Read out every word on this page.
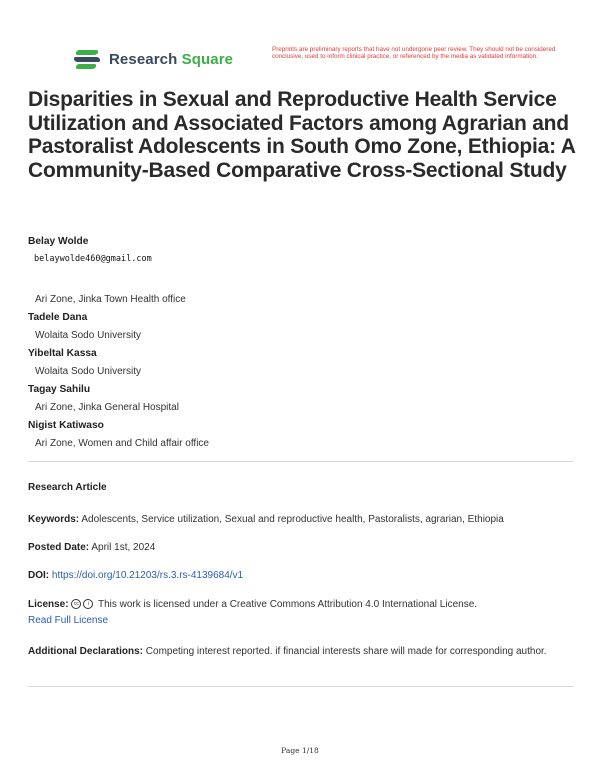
Research Square
Preprints are preliminary reports that have not undergone peer review. They should not be considered conclusive, used to inform clinical practice, or referenced by the media as validated information.
Disparities in Sexual and Reproductive Health Service Utilization and Associated Factors among Agrarian and Pastoralist Adolescents in South Omo Zone, Ethiopia: A Community-Based Comparative Cross-Sectional Study
Belay Wolde
belaywolde460@gmail.com
Ari Zone, Jinka Town Health office
Tadele Dana
Wolaita Sodo University
Yibeltal Kassa
Wolaita Sodo University
Tagay Sahilu
Ari Zone, Jinka General Hospital
Nigist Katiwaso
Ari Zone, Women and Child affair office
Research Article
Keywords: Adolescents, Service utilization, Sexual and reproductive health, Pastoralists, agrarian, Ethiopia
Posted Date: April 1st, 2024
DOI: https://doi.org/10.21203/rs.3.rs-4139684/v1
License: cc i This work is licensed under a Creative Commons Attribution 4.0 International License.
Read Full License
Additional Declarations: Competing interest reported. if financial interests share will made for corresponding author.
Page 1/18
